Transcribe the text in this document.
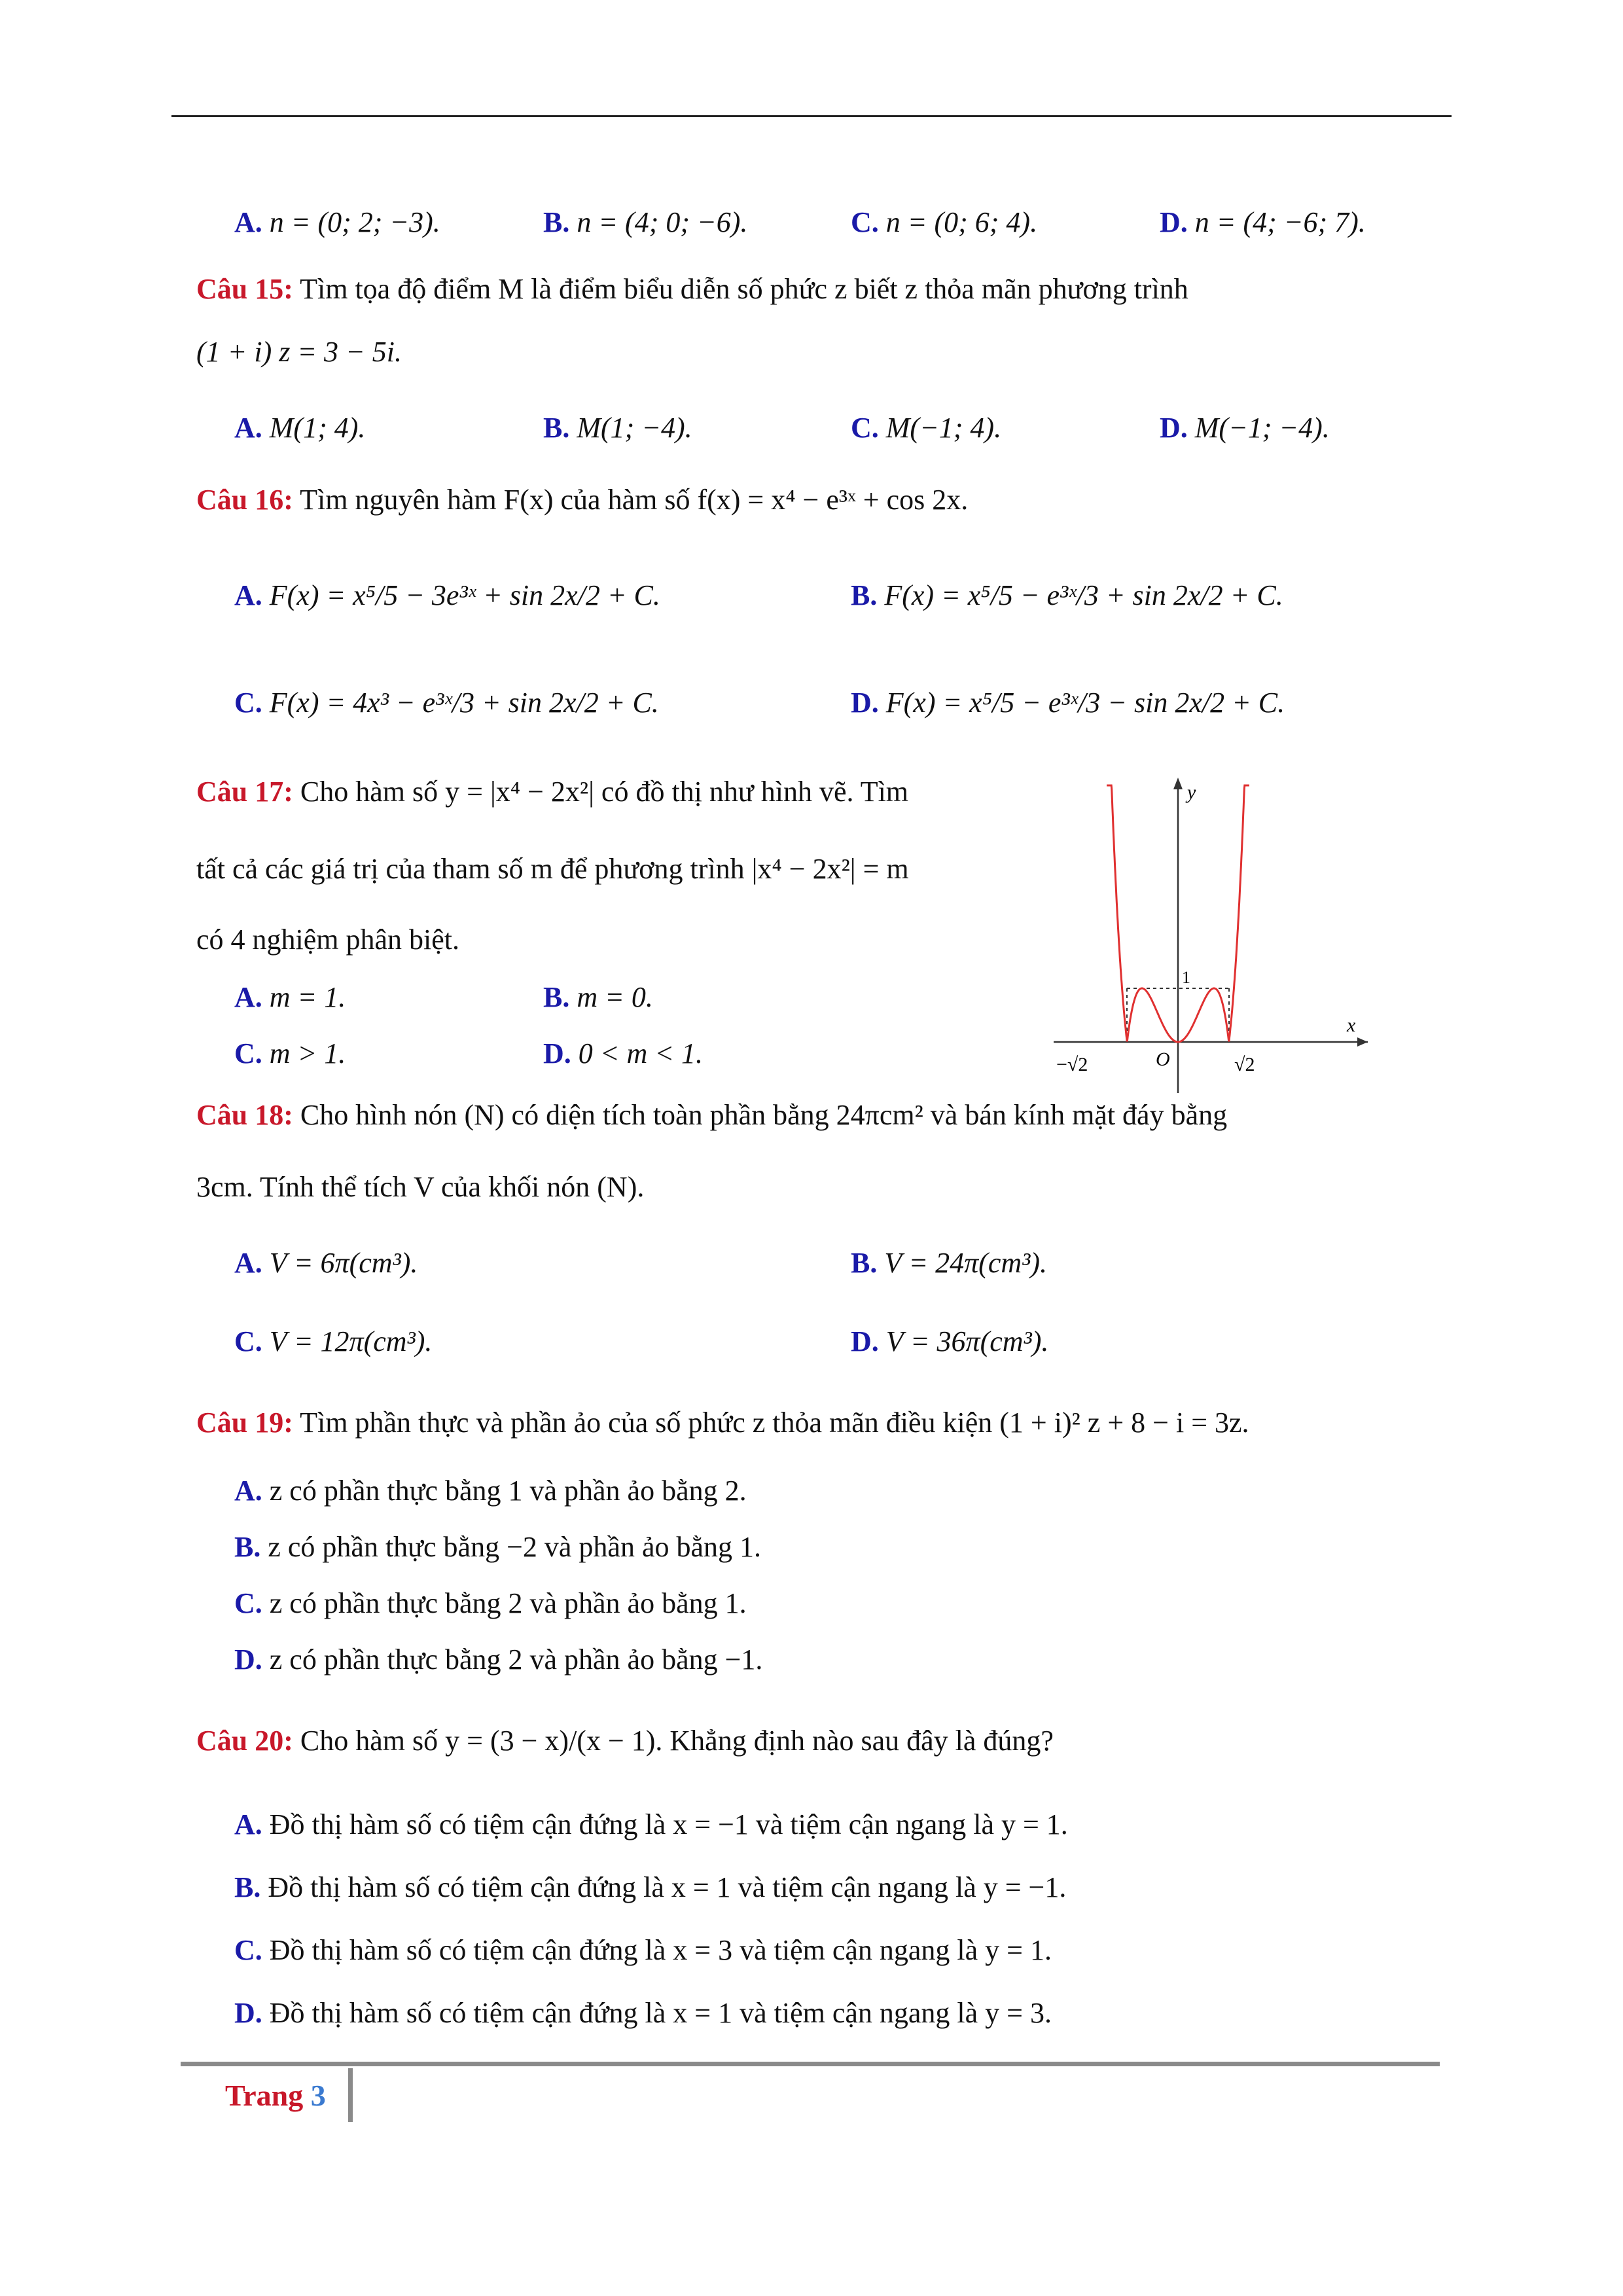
A. n = (0; 2; −3).	B. n = (4; 0; −6).	C. n = (0; 6; 4).	D. n = (4; −6; 7).
Câu 15: Tìm tọa độ điểm M là điểm biểu diễn số phức z biết z thỏa mãn phương trình
(1 + i) z = 3 − 5i.
A. M(1; 4).	B. M(1; −4).	C. M(−1; 4).	D. M(−1; −4).
Câu 16: Tìm nguyên hàm F(x) của hàm số f(x) = x⁴ − e³ˣ + cos 2x.
A. F(x) = x⁵/5 − 3e³ˣ + sin 2x/2 + C.	B. F(x) = x⁵/5 − e³ˣ/3 + sin 2x/2 + C.
C. F(x) = 4x³ − e³ˣ/3 + sin 2x/2 + C.	D. F(x) = x⁵/5 − e³ˣ/3 − sin 2x/2 + C.
Câu 17: Cho hàm số y = |x⁴ − 2x²| có đồ thị như hình vẽ. Tìm
tất cả các giá trị của tham số m để phương trình |x⁴ − 2x²| = m
có 4 nghiệm phân biệt.
A. m = 1.	B. m = 0.
C. m > 1.	D. 0 < m < 1.
y
x
O
1
−√2	√2
Câu 18: Cho hình nón (N) có diện tích toàn phần bằng 24πcm² và bán kính mặt đáy bằng
3cm. Tính thể tích V của khối nón (N).
A. V = 6π(cm³).	B. V = 24π(cm³).
C. V = 12π(cm³).	D. V = 36π(cm³).
Câu 19: Tìm phần thực và phần ảo của số phức z thỏa mãn điều kiện (1 + i)² z + 8 − i = 3z.
A. z có phần thực bằng 1 và phần ảo bằng 2.
B. z có phần thực bằng −2 và phần ảo bằng 1.
C. z có phần thực bằng 2 và phần ảo bằng 1.
D. z có phần thực bằng 2 và phần ảo bằng −1.
Câu 20: Cho hàm số y = (3 − x)/(x − 1). Khẳng định nào sau đây là đúng?
A. Đồ thị hàm số có tiệm cận đứng là x = −1 và tiệm cận ngang là y = 1.
B. Đồ thị hàm số có tiệm cận đứng là x = 1 và tiệm cận ngang là y = −1.
C. Đồ thị hàm số có tiệm cận đứng là x = 3 và tiệm cận ngang là y = 1.
D. Đồ thị hàm số có tiệm cận đứng là x = 1 và tiệm cận ngang là y = 3.
Trang 3
